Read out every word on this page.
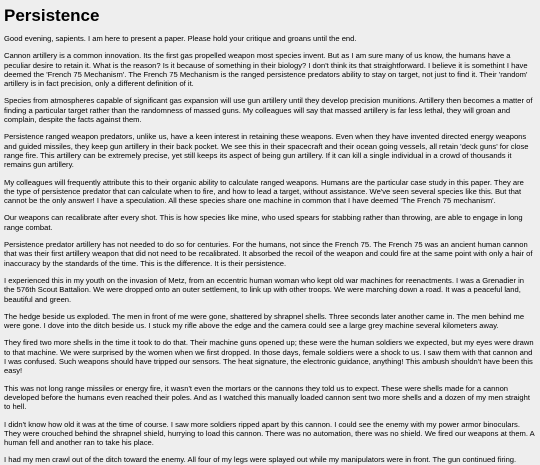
Persistence

Good evening, sapients. I am here to present a paper. Please hold your critique and groans until the end.

Cannon artillery is a common innovation. Its the first gas propelled weapon most species invent. But as I am sure many of us know, the humans have a peculiar desire to retain it. What is the reason? Is it because of something in their biology? I don't think its that straightforward. I believe it is somethint I have deemed the 'French 75 Mechanism'. The French 75 Mechanism is the ranged persistence predators ability to stay on target, not just to find it. Their 'random' artillery is in fact precision, only a different definition of it.

Species from atmospheres capable of significant gas expansion will use gun artillery until they develop precision munitions. Artillery then becomes a matter of finding a particular target rather than the randomness of massed guns. My colleagues will say that massed artillery is far less lethal, they will groan and complain, despite the facts against them.

Persistence ranged weapon predators, unlike us, have a keen interest in retaining these weapons. Even when they have invented directed energy weapons and guided missiles, they keep gun artillery in their back pocket. We see this in their spacecraft and their ocean going vessels, all retain 'deck guns' for close range fire. This artillery can be extremely precise, yet still keeps its aspect of being gun artillery. If it can kill a single individual in a crowd of thousands it remains gun artillery.

My colleagues will frequently attribute this to their organic ability to calculate ranged weapons. Humans are the particular case study in this paper. They are the type of persistence predator that can calculate when to fire, and how to lead a target, without assistance. We've seen several species like this. But that cannot be the only answer! I have a speculation. All these species share one machine in common that I have deemed 'The French 75 mechanism'.

Our weapons can recalibrate after every shot. This is how species like mine, who used spears for stabbing rather than throwing, are able to engage in long range combat.

Persistence predator artillery has not needed to do so for centuries. For the humans, not since the French 75. The French 75 was an ancient human cannon that was their first artillery weapon that did not need to be recalibrated. It absorbed the recoil of the weapon and could fire at the same point with only a hair of inaccuracy by the standards of the time. This is the difference. It is their persistence.

I experienced this in my youth on the invasion of Metz, from an eccentric human woman who kept old war machines for reenactments. I was a Grenadier in the 576th Scout Battalion. We were dropped onto an outer settlement, to link up with other troops. We were marching down a road. It was a peaceful land, beautiful and green.

The hedge beside us exploded. The men in front of me were gone, shattered by shrapnel shells. Three seconds later another came in. The men behind me were gone. I dove into the ditch beside us. I stuck my rifle above the edge and the camera could see a large grey machine several kilometers away.

They fired two more shells in the time it took to do that. Their machine guns opened up; these were the human soldiers we expected, but my eyes were drawn to that machine. We were surprised by the women when we first dropped. In those days, female soldiers were a shock to us. I saw them with that cannon and I was confused. Such weapons should have tripped our sensors. The heat signature, the electronic guidance, anything! This ambush shouldn't have been this easy!

This was not long range missiles or energy fire, it wasn't even the mortars or the cannons they told us to expect. These were shells made for a cannon developed before the humans even reached their poles. And as I watched this manually loaded cannon sent two more shells and a dozen of my men straight to hell.

I didn't know how old it was at the time of course. I saw more soldiers ripped apart by this cannon. I could see the enemy with my power armor binoculars. They were crouched behind the shrapnel shield, hurrying to load this cannon. There was no automation, there was no shield. We fired our weapons at them. A human fell and another ran to take his place.

I had my men crawl out of the ditch toward the enemy. All four of my legs were splayed out while my manipulators were in front. The gun continued firing.
